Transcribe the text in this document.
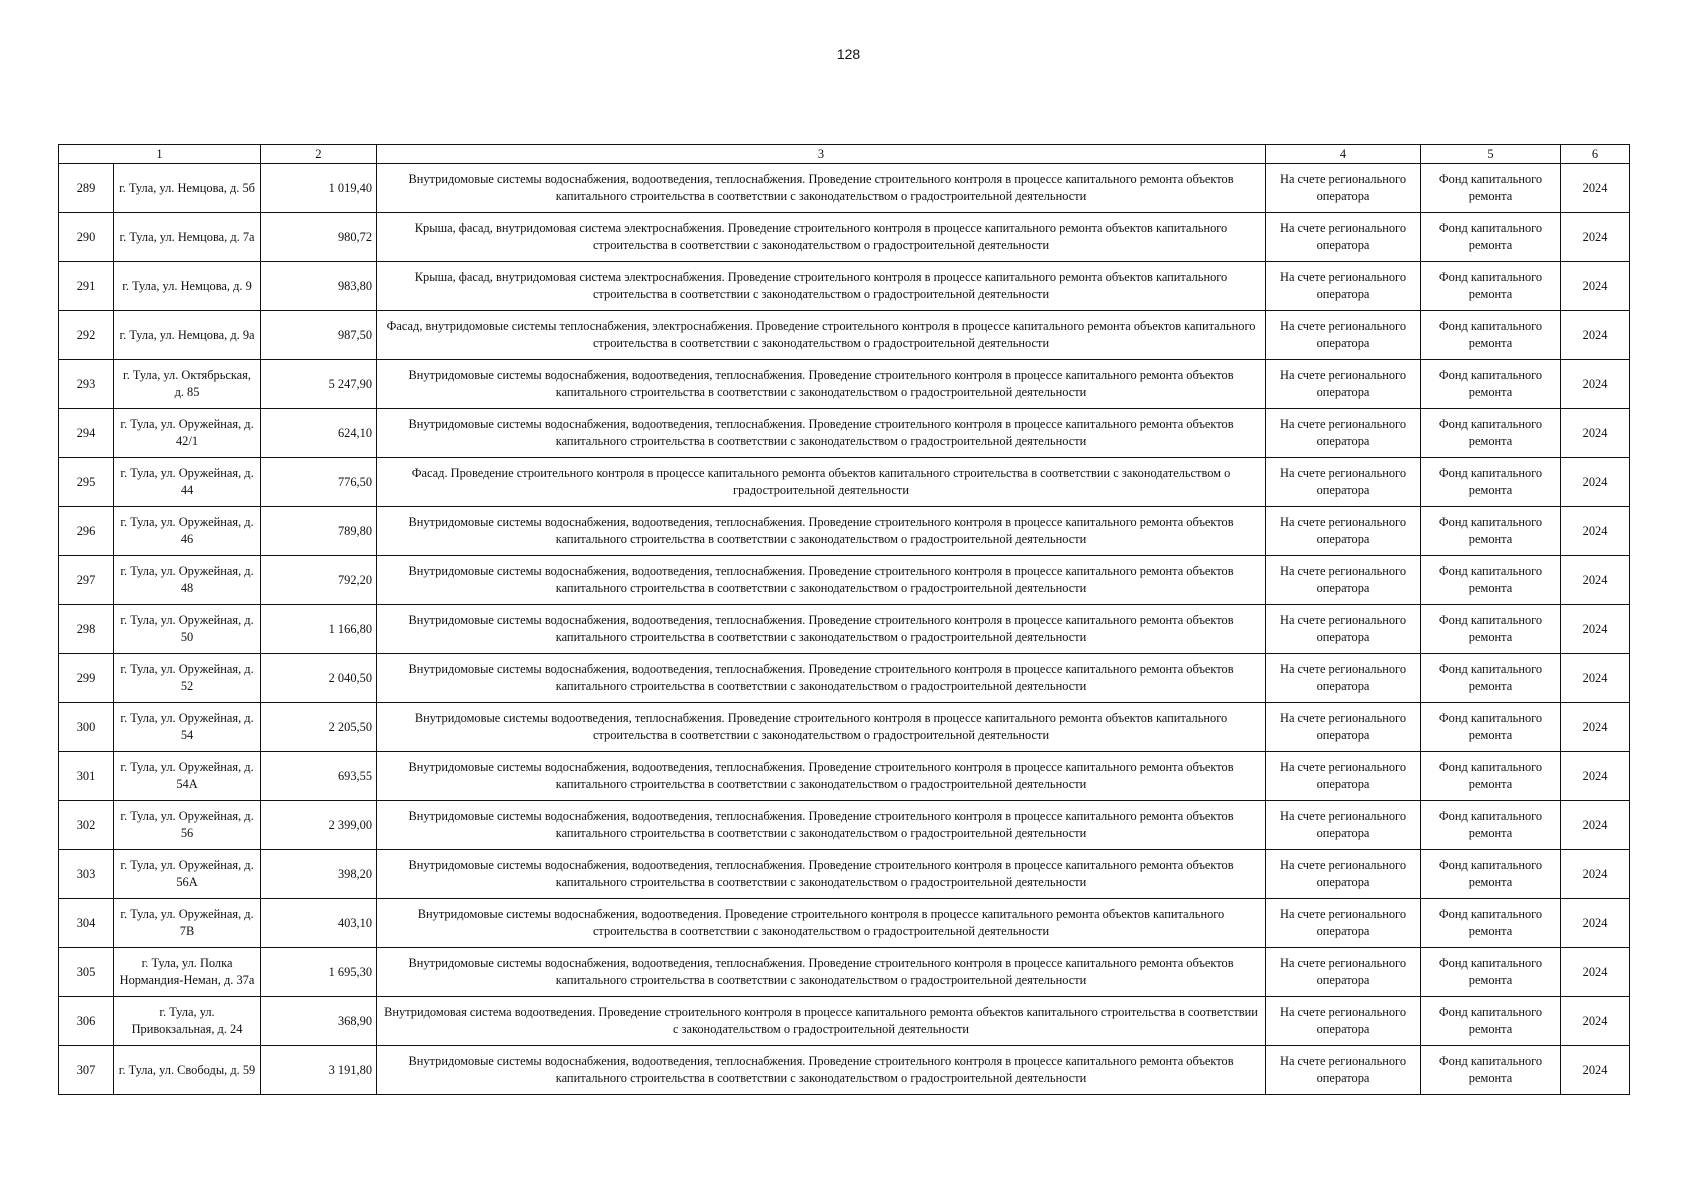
128
1		2	3	4	5	6
289	г. Тула, ул. Немцова, д. 5б	1 019,40	Внутридомовые системы водоснабжения, водоотведения, теплоснабжения. Проведение строительного контроля в процессе капитального ремонта объектов капитального строительства в соответствии с законодательством о градостроительной деятельности	На счете регионального оператора	Фонд капитального ремонта	2024
290	г. Тула, ул. Немцова, д. 7а	980,72	Крыша, фасад, внутридомовая система электроснабжения. Проведение строительного контроля в процессе капитального ремонта объектов капитального строительства в соответствии с законодательством о градостроительной деятельности	На счете регионального оператора	Фонд капитального ремонта	2024
291	г. Тула, ул. Немцова, д. 9	983,80	Крыша, фасад, внутридомовая система электроснабжения. Проведение строительного контроля в процессе капитального ремонта объектов капитального строительства в соответствии с законодательством о градостроительной деятельности	На счете регионального оператора	Фонд капитального ремонта	2024
292	г. Тула, ул. Немцова, д. 9а	987,50	Фасад, внутридомовые системы теплоснабжения, электроснабжения. Проведение строительного контроля в процессе капитального ремонта объектов капитального строительства в соответствии с законодательством о градостроительной деятельности	На счете регионального оператора	Фонд капитального ремонта	2024
293	г. Тула, ул. Октябрьская, д. 85	5 247,90	Внутридомовые системы водоснабжения, водоотведения, теплоснабжения. Проведение строительного контроля в процессе капитального ремонта объектов капитального строительства в соответствии с законодательством о градостроительной деятельности	На счете регионального оператора	Фонд капитального ремонта	2024
294	г. Тула, ул. Оружейная, д. 42/1	624,10	Внутридомовые системы водоснабжения, водоотведения, теплоснабжения. Проведение строительного контроля в процессе капитального ремонта объектов капитального строительства в соответствии с законодательством о градостроительной деятельности	На счете регионального оператора	Фонд капитального ремонта	2024
295	г. Тула, ул. Оружейная, д. 44	776,50	Фасад. Проведение строительного контроля в процессе капитального ремонта объектов капитального строительства в соответствии с законодательством о градостроительной деятельности	На счете регионального оператора	Фонд капитального ремонта	2024
296	г. Тула, ул. Оружейная, д. 46	789,80	Внутридомовые системы водоснабжения, водоотведения, теплоснабжения. Проведение строительного контроля в процессе капитального ремонта объектов капитального строительства в соответствии с законодательством о градостроительной деятельности	На счете регионального оператора	Фонд капитального ремонта	2024
297	г. Тула, ул. Оружейная, д. 48	792,20	Внутридомовые системы водоснабжения, водоотведения, теплоснабжения. Проведение строительного контроля в процессе капитального ремонта объектов капитального строительства в соответствии с законодательством о градостроительной деятельности	На счете регионального оператора	Фонд капитального ремонта	2024
298	г. Тула, ул. Оружейная, д. 50	1 166,80	Внутридомовые системы водоснабжения, водоотведения, теплоснабжения. Проведение строительного контроля в процессе капитального ремонта объектов капитального строительства в соответствии с законодательством о градостроительной деятельности	На счете регионального оператора	Фонд капитального ремонта	2024
299	г. Тула, ул. Оружейная, д. 52	2 040,50	Внутридомовые системы водоснабжения, водоотведения, теплоснабжения. Проведение строительного контроля в процессе капитального ремонта объектов капитального строительства в соответствии с законодательством о градостроительной деятельности	На счете регионального оператора	Фонд капитального ремонта	2024
300	г. Тула, ул. Оружейная, д. 54	2 205,50	Внутридомовые системы водоотведения, теплоснабжения. Проведение строительного контроля в процессе капитального ремонта объектов капитального строительства в соответствии с законодательством о градостроительной деятельности	На счете регионального оператора	Фонд капитального ремонта	2024
301	г. Тула, ул. Оружейная, д. 54А	693,55	Внутридомовые системы водоснабжения, водоотведения, теплоснабжения. Проведение строительного контроля в процессе капитального ремонта объектов капитального строительства в соответствии с законодательством о градостроительной деятельности	На счете регионального оператора	Фонд капитального ремонта	2024
302	г. Тула, ул. Оружейная, д. 56	2 399,00	Внутридомовые системы водоснабжения, водоотведения, теплоснабжения. Проведение строительного контроля в процессе капитального ремонта объектов капитального строительства в соответствии с законодательством о градостроительной деятельности	На счете регионального оператора	Фонд капитального ремонта	2024
303	г. Тула, ул. Оружейная, д. 56А	398,20	Внутридомовые системы водоснабжения, водоотведения, теплоснабжения. Проведение строительного контроля в процессе капитального ремонта объектов капитального строительства в соответствии с законодательством о градостроительной деятельности	На счете регионального оператора	Фонд капитального ремонта	2024
304	г. Тула, ул. Оружейная, д. 7В	403,10	Внутридомовые системы водоснабжения, водоотведения. Проведение строительного контроля в процессе капитального ремонта объектов капитального строительства в соответствии с законодательством о градостроительной деятельности	На счете регионального оператора	Фонд капитального ремонта	2024
305	г. Тула, ул. Полка Нормандия-Неман, д. 37а	1 695,30	Внутридомовые системы водоснабжения, водоотведения, теплоснабжения. Проведение строительного контроля в процессе капитального ремонта объектов капитального строительства в соответствии с законодательством о градостроительной деятельности	На счете регионального оператора	Фонд капитального ремонта	2024
306	г. Тула, ул. Привокзальная, д. 24	368,90	Внутридомовая система водоотведения. Проведение строительного контроля в процессе капитального ремонта объектов капитального строительства в соответствии с законодательством о градостроительной деятельности	На счете регионального оператора	Фонд капитального ремонта	2024
307	г. Тула, ул. Свободы, д. 59	3 191,80	Внутридомовые системы водоснабжения, водоотведения, теплоснабжения. Проведение строительного контроля в процессе капитального ремонта объектов капитального строительства в соответствии с законодательством о градостроительной деятельности	На счете регионального оператора	Фонд капитального ремонта	2024
